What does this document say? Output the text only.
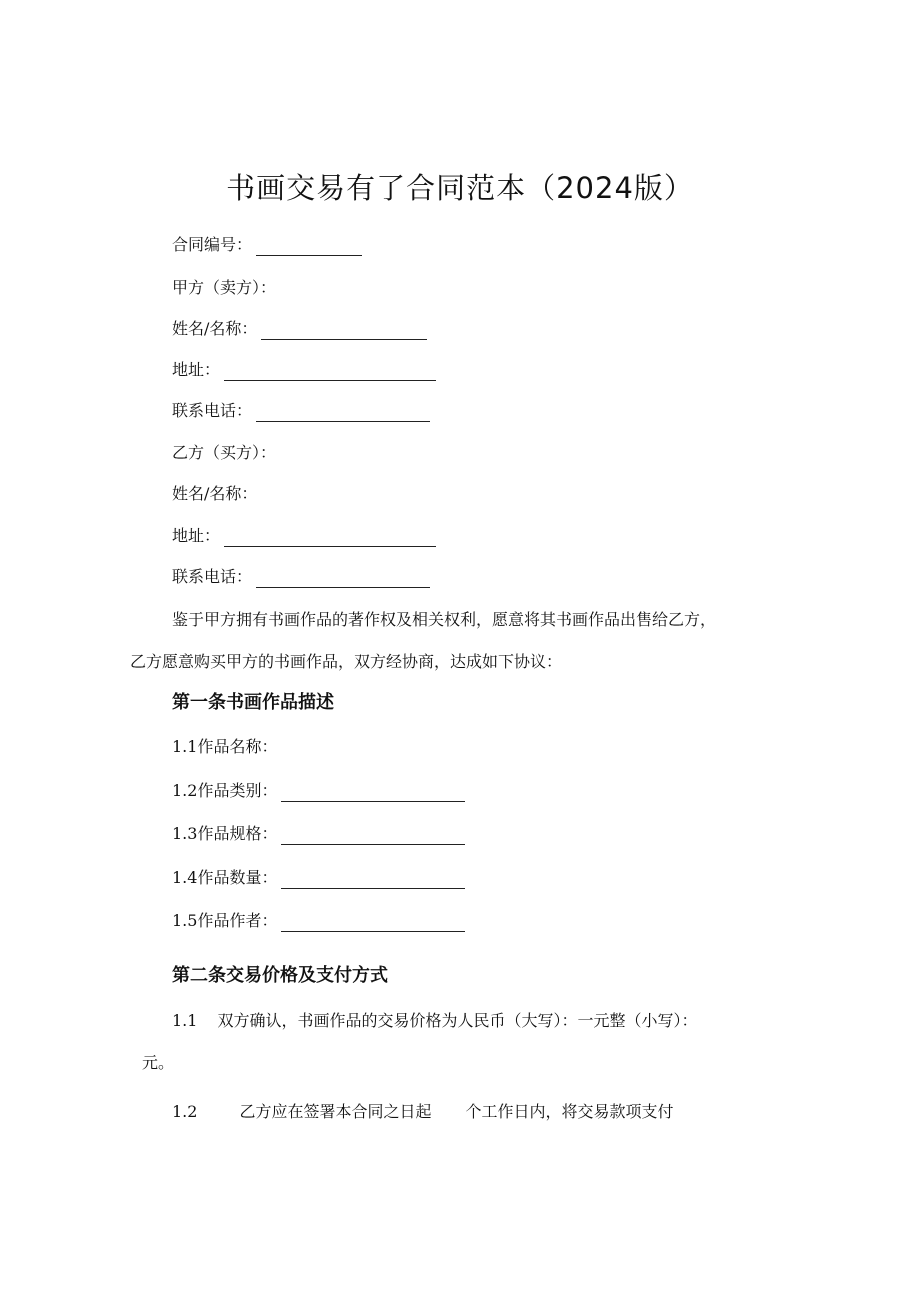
书画交易有了合同范本（2024版）
合同编号：
甲方（卖方）：
姓名/名称：
地址：
联系电话：
乙方（买方）：
姓名/名称：
地址：
联系电话：
鉴于甲方拥有书画作品的著作权及相关权利，愿意将其书画作品出售给乙方，
乙方愿意购买甲方的书画作品，双方经协商，达成如下协议：
第一条书画作品描述
1.1作品名称：
1.2作品类别：
1.3作品规格：
1.4作品数量：
1.5作品作者：
第二条交易价格及支付方式
1.1 双方确认，书画作品的交易价格为人民币（大写）：一元整（小写）：
元。
1.2	乙方应在签署本合同之日起 个工作日内，将交易款项支付
